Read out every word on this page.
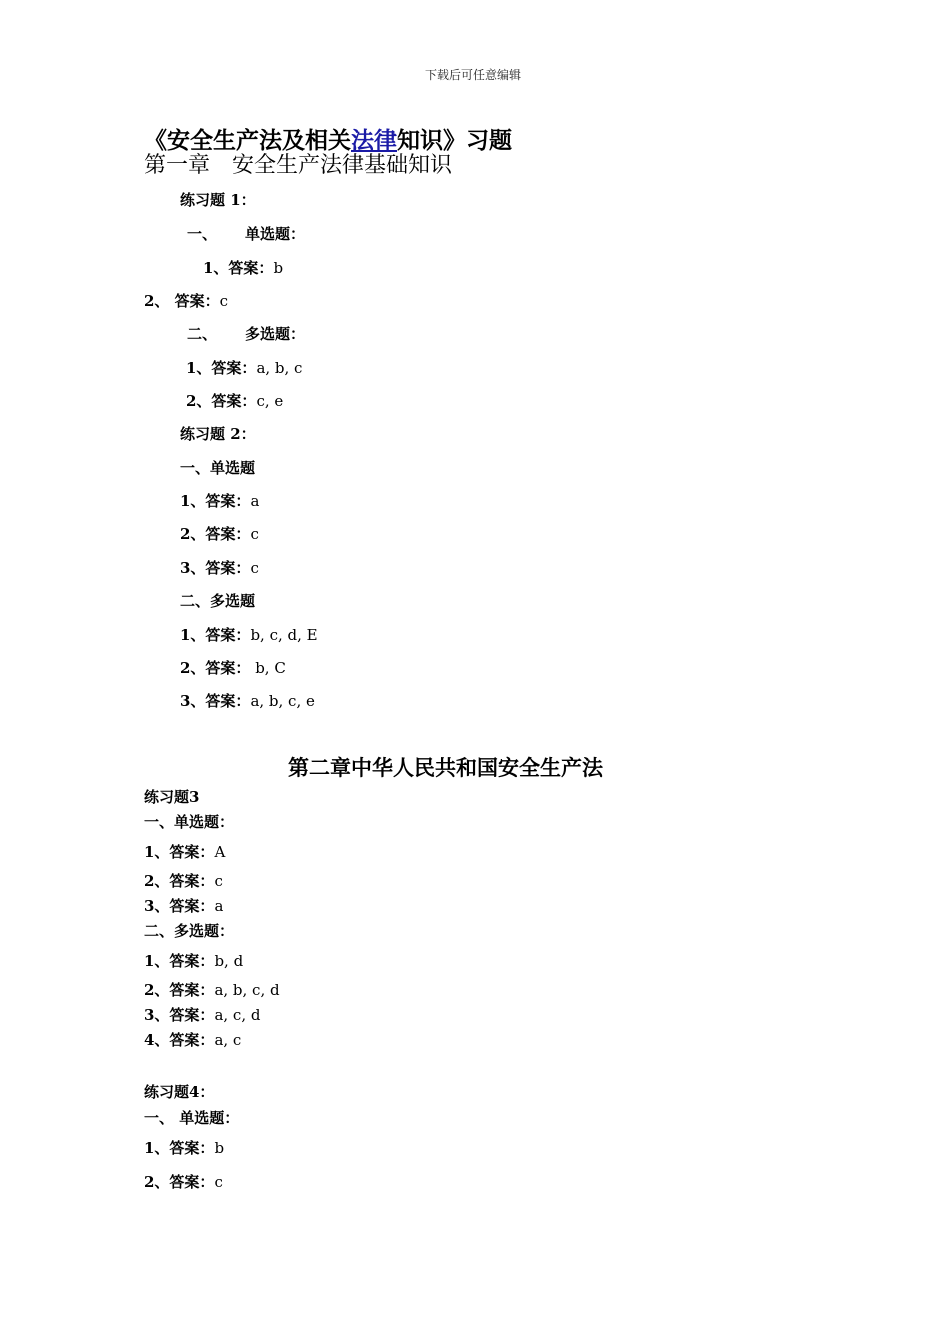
下载后可任意编辑
《安全生产法及相关法律知识》习题
第一章　安全生产法律基础知识
练习题 1：
一、 单选题：
1、答案：b
2、 答案：c
二、 多选题：
1、答案：a, b, c
2、答案：c, e
练习题 2：
一、单选题
1、答案：a
2、答案：c
3、答案：c
二、多选题
1、答案：b, c, d, E
2、答案： b, C
3、答案：a, b, c, e
第二章中华人民共和国安全生产法
练习题3
一、单选题：
1、答案：A
2、答案：c
3、答案：a
二、多选题：
1、答案：b, d
2、答案：a, b, c, d
3、答案：a, c, d
4、答案：a, c
练习题4：
一、 单选题：
1、答案：b
2、答案：c
